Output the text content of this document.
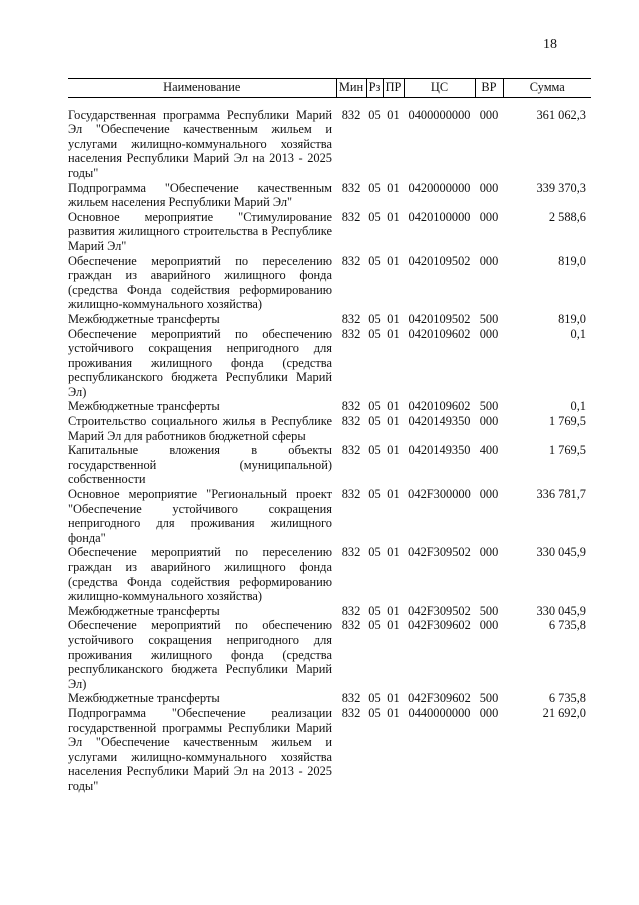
18
Наименование	Мин	Рз	ПР	ЦС	ВР	Сумма
Государственная программа Республики Марий Эл "Обеспечение качественным жильем и услугами жилищно-коммунального хозяйства населения Республики Марий Эл на 2013 - 2025 годы"	832	05	01	0400000000	000	361 062,3
Подпрограмма "Обеспечение качественным жильем населения Республики Марий Эл"	832	05	01	0420000000	000	339 370,3
Основное мероприятие "Стимулирование развития жилищного строительства в Республике Марий Эл"	832	05	01	0420100000	000	2 588,6
Обеспечение мероприятий по переселению граждан из аварийного жилищного фонда (средства Фонда содействия реформированию жилищно-коммунального хозяйства)	832	05	01	0420109502	000	819,0
Межбюджетные трансферты	832	05	01	0420109502	500	819,0
Обеспечение мероприятий по обеспечению устойчивого сокращения непригодного для проживания жилищного фонда (средства республиканского бюджета Республики Марий Эл)	832	05	01	0420109602	000	0,1
Межбюджетные трансферты	832	05	01	0420109602	500	0,1
Строительство социального жилья в Республике Марий Эл для работников бюджетной сферы	832	05	01	0420149350	000	1 769,5
Капитальные вложения в объекты государственной (муниципальной) собственности	832	05	01	0420149350	400	1 769,5
Основное мероприятие "Региональный проект "Обеспечение устойчивого сокращения непригодного для проживания жилищного фонда"	832	05	01	042F300000	000	336 781,7
Обеспечение мероприятий по переселению граждан из аварийного жилищного фонда (средства Фонда содействия реформированию жилищно-коммунального хозяйства)	832	05	01	042F309502	000	330 045,9
Межбюджетные трансферты	832	05	01	042F309502	500	330 045,9
Обеспечение мероприятий по обеспечению устойчивого сокращения непригодного для проживания жилищного фонда (средства республиканского бюджета Республики Марий Эл)	832	05	01	042F309602	000	6 735,8
Межбюджетные трансферты	832	05	01	042F309602	500	6 735,8
Подпрограмма "Обеспечение реализации государственной программы Республики Марий Эл "Обеспечение качественным жильем и услугами жилищно-коммунального хозяйства населения Республики Марий Эл на 2013 - 2025 годы"	832	05	01	0440000000	000	21 692,0
